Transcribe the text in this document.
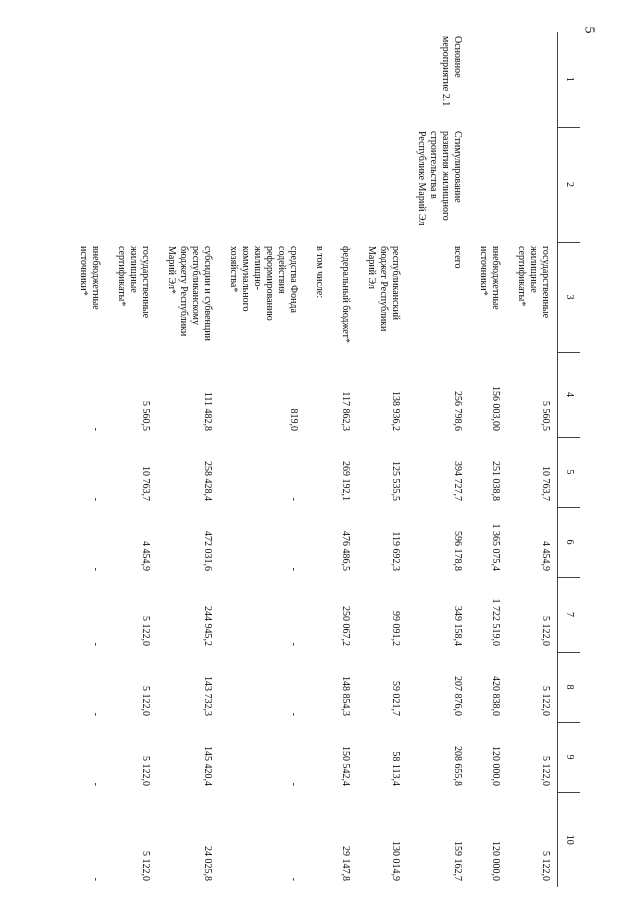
5
1	2	3	4	5	6	7	8	9	10
		государственные жилищные сертификаты*	5 560,5	10 763,7	4 454,9	5 122,0	5 122,0	5 122,0	5 122,0
		внебюджетные источники*	156 003,00	251 038,8	1 365 075,4	1 722 519,0	420 838,0	120 000,0	120 000,0
Основное мероприятие 2.1	Стимулирование развития жилищного строительства в Республике Марий Эл	всего	256 798,6	394 727,7	596 178,8	349 158,4	207 876,0	208 655,8	159 162,7
		республиканский бюджет Республики Марий Эл	138 936,2	125 535,5	119 692,3	99 091,2	59 021,7	58 113,4	130 014,9
		федеральный бюджет*	117 862,3	269 192,1	476 486,5	250 067,2	148 854,3	150 542,4	29 147,8
		в том числе:							
		средства Фонда содействия реформированию жилищно-коммунального хозяйства*	819,0	-	-	-	-	-	-
		субсидии и субвенции республиканскому бюджету Республики Марий Эл*	111 482,8	258 428,4	472 031,6	244 945,2	143 732,3	145 420,4	24 025,8
		государственные жилищные сертификаты*	5 560,5	10 763,7	4 454,9	5 122,0	5 122,0	5 122,0	5 122,0
		внебюджетные источники*	-	-	-	-	-	-	-
